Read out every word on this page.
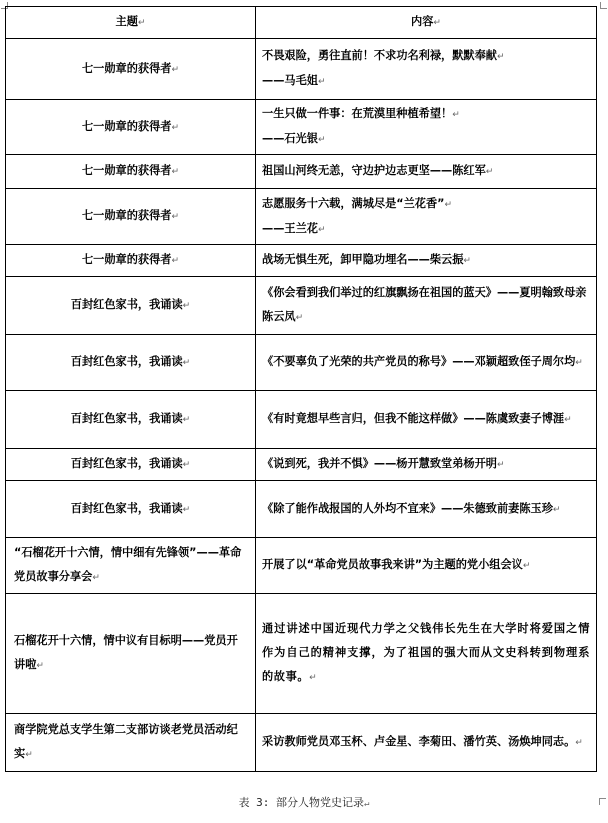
主题↵	内容↵
七一勋章的获得者↵	不畏艰险，勇往直前！不求功名利禄，默默奉献↵
——马毛姐↵
七一勋章的获得者↵	一生只做一件事：在荒漠里种植希望！↵
——石光银↵
七一勋章的获得者↵	祖国山河终无恙，守边护边志更坚——陈红军↵
七一勋章的获得者↵	志愿服务十六载，满城尽是“兰花香”↵
——王兰花↵
七一勋章的获得者↵	战场无惧生死，卸甲隐功埋名——柴云振↵
百封红色家书，我诵读↵	《你会看到我们举过的红旗飘扬在祖国的蓝天》——夏明翰致母亲陈云凤↵
百封红色家书，我诵读↵	《不要辜负了光荣的共产党员的称号》——邓颖超致侄子周尔均↵
百封红色家书，我诵读↵	《有时竟想早些言归，但我不能这样做》——陈虞致妻子博涯↵
百封红色家书，我诵读↵	《说到死，我并不惧》——杨开慧致堂弟杨开明↵
百封红色家书，我诵读↵	《除了能作战报国的人外均不宜来》——朱德致前妻陈玉珍↵
“石榴花开十六情，情中细有先锋领”——革命党员故事分享会↵	开展了以“革命党员故事我来讲”为主题的党小组会议↵
石榴花开十六情，情中议有目标明——党员开讲啦↵	通过讲述中国近现代力学之父钱伟长先生在大学时将爱国之情作为自己的精神支撑，为了祖国的强大而从文史科转到物理系的故事。↵
商学院党总支学生第二支部访谈老党员活动纪实↵	采访教师党员邓玉杯、卢金星、李菊田、潘竹英、汤焕坤同志。↵
表 3: 部分人物党史记录↵
